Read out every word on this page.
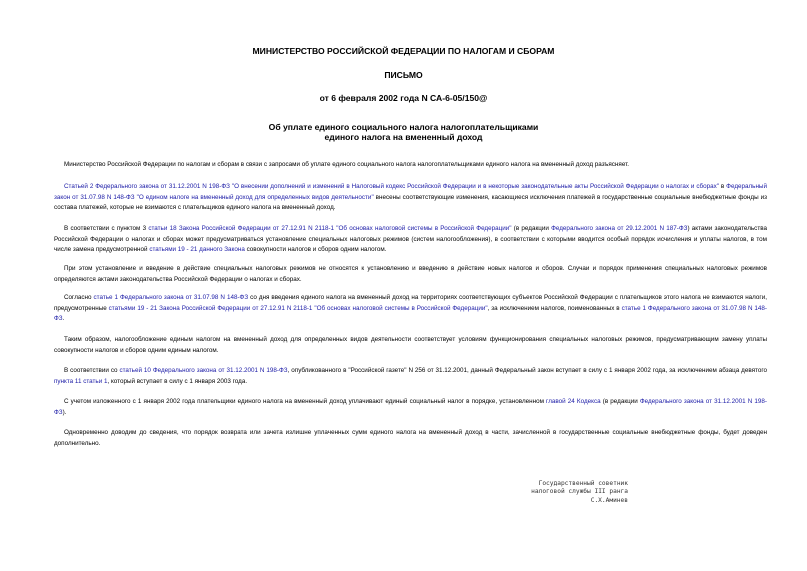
МИНИСТЕРСТВО РОССИЙСКОЙ ФЕДЕРАЦИИ ПО НАЛОГАМ И СБОРАМ
ПИСЬМО
от 6 февраля 2002 года N СА-6-05/150@
Об уплате единого социального налога налогоплательщиками
единого налога на вмененный доход

Министерство Российской Федерации по налогам и сборам в связи с запросами об уплате единого социального налога налогоплательщиками единого налога на вмененный доход разъясняет.

Статьей 2 Федерального закона от 31.12.2001 N 198-ФЗ "О внесении дополнений и изменений в Налоговый кодекс Российской Федерации и в некоторые законодательные акты Российской Федерации о налогах и сборах" в Федеральный закон от 31.07.98 N 148-ФЗ "О едином налоге на вмененный доход для определенных видов деятельности" внесены соответствующие изменения, касающиеся исключения платежей в государственные социальные внебюджетные фонды из состава платежей, которые не взимаются с плательщиков единого налога на вмененный доход.

В соответствии с пунктом 3 статьи 18 Закона Российской Федерации от 27.12.91 N 2118-1 "Об основах налоговой системы в Российской Федерации" (в редакции Федерального закона от 29.12.2001 N 187-ФЗ) актами законодательства Российской Федерации о налогах и сборах может предусматриваться установление специальных налоговых режимов (систем налогообложения), в соответствии с которыми вводится особый порядок исчисления и уплаты налогов, в том числе замена предусмотренной статьями 19 - 21 данного Закона совокупности налогов и сборов одним налогом.

При этом установление и введение в действие специальных налоговых режимов не относятся к установлению и введению в действие новых налогов и сборов. Случаи и порядок применения специальных налоговых режимов определяются актами законодательства Российской Федерации о налогах и сборах.

Согласно статье 1 Федерального закона от 31.07.98 N 148-ФЗ со дня введения единого налога на вмененный доход на территориях соответствующих субъектов Российской Федерации с плательщиков этого налога не взимаются налоги, предусмотренные статьями 19 - 21 Закона Российской Федерации от 27.12.91 N 2118-1 "Об основах налоговой системы в Российской Федерации", за исключением налогов, поименованных в статье 1 Федерального закона от 31.07.98 N 148-ФЗ.

Таким образом, налогообложение единым налогом на вмененный доход для определенных видов деятельности соответствует условиям функционирования специальных налоговых режимов, предусматривающим замену уплаты совокупности налогов и сборов одним единым налогом.

В соответствии со статьей 10 Федерального закона от 31.12.2001 N 198-ФЗ, опубликованного в "Российской газете" N 256 от 31.12.2001, данный Федеральный закон вступает в силу с 1 января 2002 года, за исключением абзаца девятого пункта 11 статьи 1, который вступает в силу с 1 января 2003 года.

С учетом изложенного с 1 января 2002 года плательщики единого налога на вмененный доход уплачивают единый социальный налог в порядке, установленном главой 24 Кодекса (в редакции Федерального закона от 31.12.2001 N 198-ФЗ).

Одновременно доводим до сведения, что порядок возврата или зачета излишне уплаченных сумм единого налога на вмененный доход в части, зачисленной в государственные социальные внебюджетные фонды, будет доведен дополнительно.

Государственный советник
налоговой службы III ранга
С.Х.Аминев
